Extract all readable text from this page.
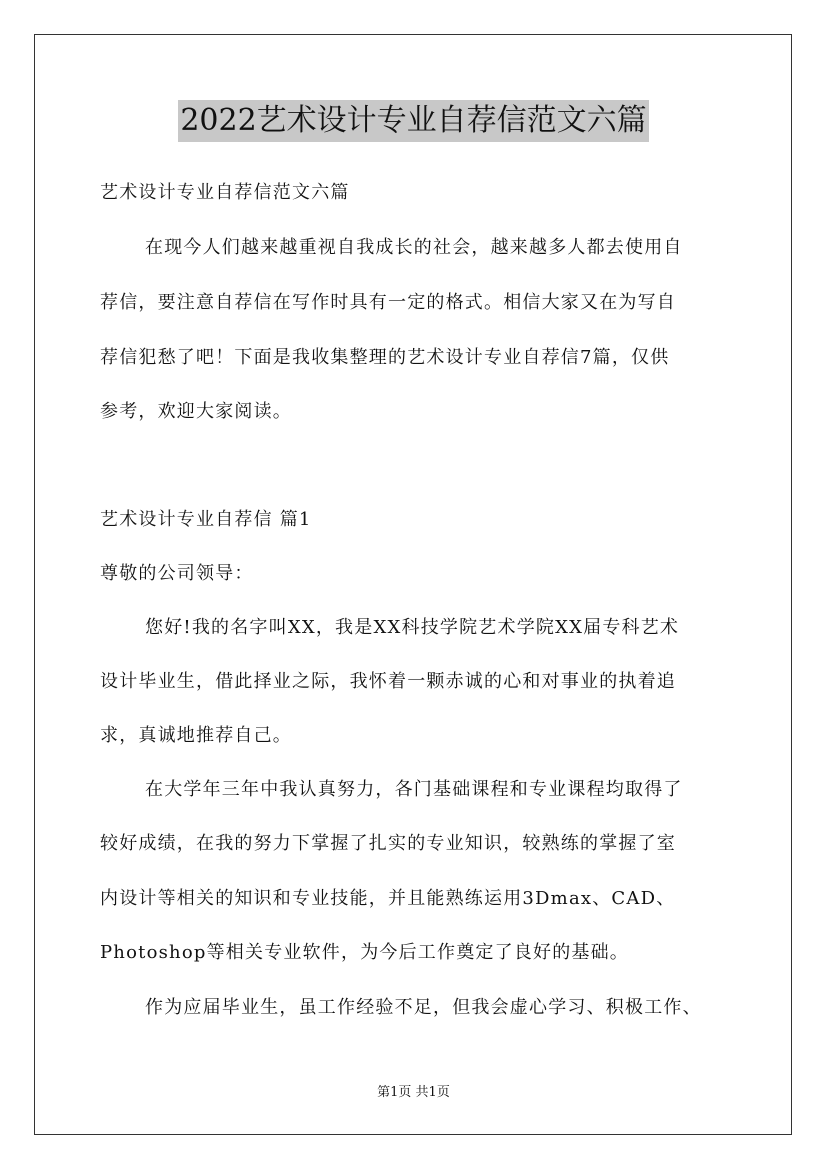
2022艺术设计专业自荐信范文六篇
艺术设计专业自荐信范文六篇
在现今人们越来越重视自我成长的社会，越来越多人都去使用自
荐信，要注意自荐信在写作时具有一定的格式。相信大家又在为写自
荐信犯愁了吧！下面是我收集整理的艺术设计专业自荐信7篇，仅供
参考，欢迎大家阅读。
艺术设计专业自荐信 篇1
尊敬的公司领导：
您好!我的名字叫XX，我是XX科技学院艺术学院XX届专科艺术
设计毕业生，借此择业之际，我怀着一颗赤诚的心和对事业的执着追
求，真诚地推荐自己。
在大学年三年中我认真努力，各门基础课程和专业课程均取得了
较好成绩，在我的努力下掌握了扎实的专业知识，较熟练的掌握了室
内设计等相关的知识和专业技能，并且能熟练运用3Dmax、CAD、
Photoshop等相关专业软件，为今后工作奠定了良好的基础。
作为应届毕业生，虽工作经验不足，但我会虚心学习、积极工作、
第1页 共1页
